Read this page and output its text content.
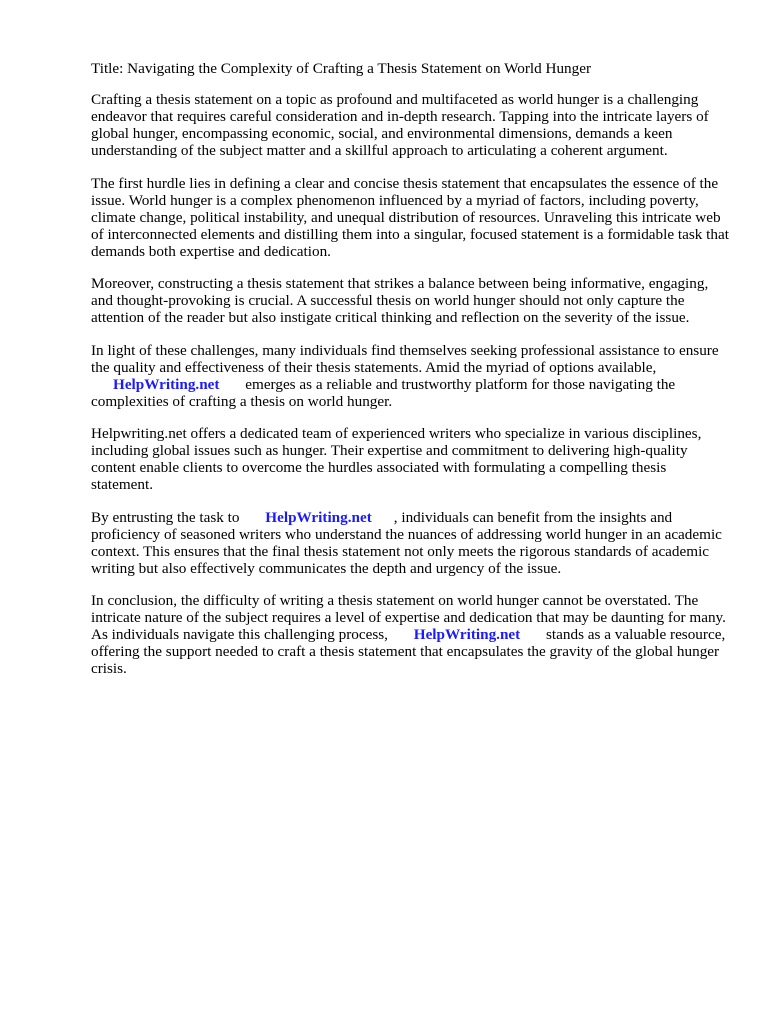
Title: Navigating the Complexity of Crafting a Thesis Statement on World Hunger

Crafting a thesis statement on a topic as profound and multifaceted as world hunger is a challenging endeavor that requires careful consideration and in-depth research. Tapping into the intricate layers of global hunger, encompassing economic, social, and environmental dimensions, demands a keen understanding of the subject matter and a skillful approach to articulating a coherent argument.

The first hurdle lies in defining a clear and concise thesis statement that encapsulates the essence of the issue. World hunger is a complex phenomenon influenced by a myriad of factors, including poverty, climate change, political instability, and unequal distribution of resources. Unraveling this intricate web of interconnected elements and distilling them into a singular, focused statement is a formidable task that demands both expertise and dedication.

Moreover, constructing a thesis statement that strikes a balance between being informative, engaging, and thought-provoking is crucial. A successful thesis on world hunger should not only capture the attention of the reader but also instigate critical thinking and reflection on the severity of the issue.

In light of these challenges, many individuals find themselves seeking professional assistance to ensure the quality and effectiveness of their thesis statements. Amid the myriad of options available,
HelpWriting.net emerges as a reliable and trustworthy platform for those navigating the complexities of crafting a thesis on world hunger.

Helpwriting.net offers a dedicated team of experienced writers who specialize in various disciplines, including global issues such as hunger. Their expertise and commitment to delivering high-quality content enable clients to overcome the hurdles associated with formulating a compelling thesis statement.

By entrusting the task to HelpWriting.net , individuals can benefit from the insights and proficiency of seasoned writers who understand the nuances of addressing world hunger in an academic context. This ensures that the final thesis statement not only meets the rigorous standards of academic writing but also effectively communicates the depth and urgency of the issue.

In conclusion, the difficulty of writing a thesis statement on world hunger cannot be overstated. The intricate nature of the subject requires a level of expertise and dedication that may be daunting for many. As individuals navigate this challenging process, HelpWriting.net stands as a valuable resource, offering the support needed to craft a thesis statement that encapsulates the gravity of the global hunger crisis.
